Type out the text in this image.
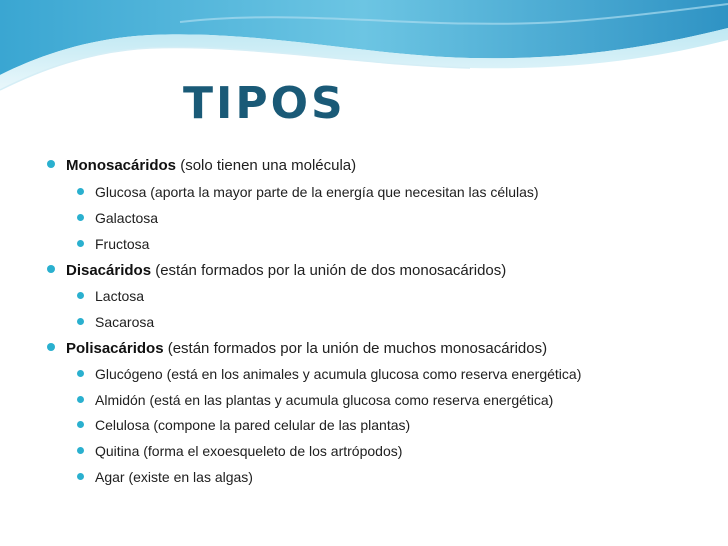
TIPOS
Monosacáridos (solo tienen una molécula)
Glucosa (aporta la mayor parte de la energía que necesitan las células)
Galactosa
Fructosa
Disacáridos (están formados por la unión de dos monosacáridos)
Lactosa
Sacarosa
Polisacáridos (están formados por la unión de muchos monosacáridos)
Glucógeno (está en los animales y acumula glucosa como reserva energética)
Almidón (está en las plantas y acumula glucosa como reserva energética)
Celulosa (compone la pared celular de las plantas)
Quitina (forma el exoesqueleto de los artrópodos)
Agar (existe en las algas)
